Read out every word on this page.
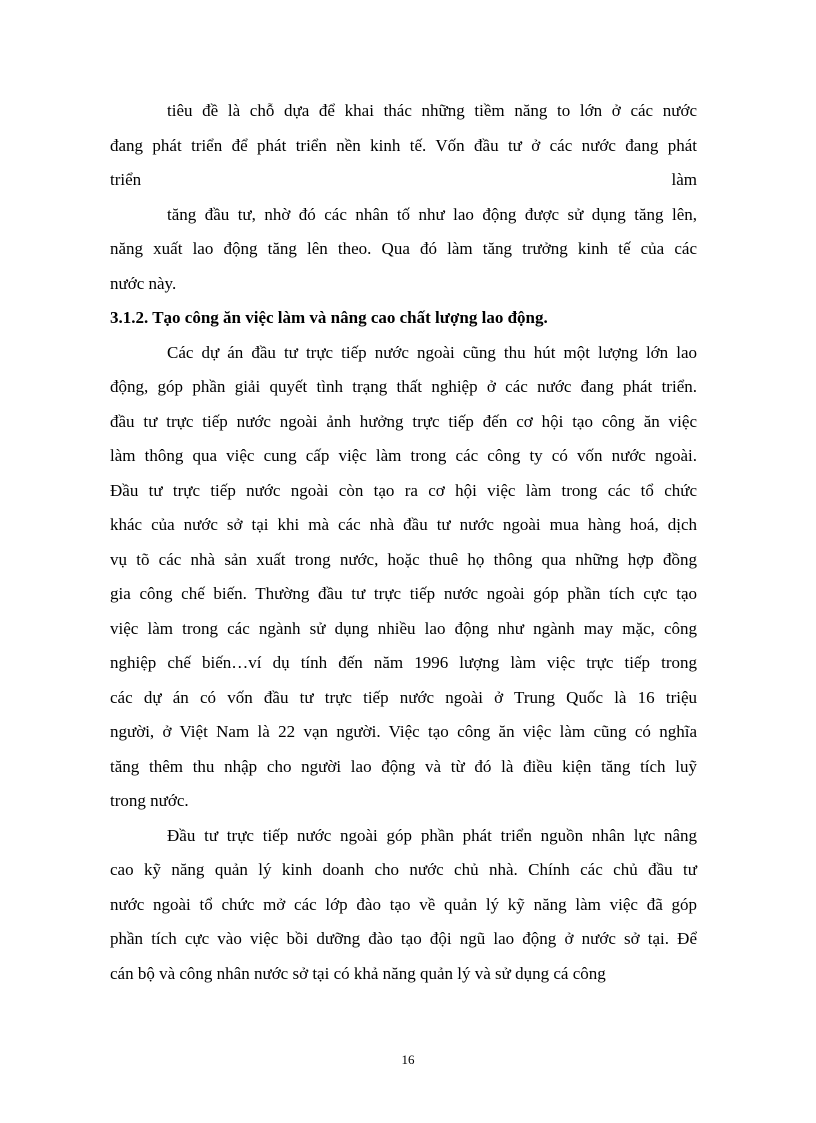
tiêu đề là chỗ dựa để khai thác những tiềm năng to lớn ở các nước
đang phát triển để phát triển nền kinh tế. Vốn đầu tư ở các nước đang phát
triển	làm
tăng đầu tư, nhờ đó các nhân tố như lao động được sử dụng tăng lên,
năng xuất lao động tăng lên theo. Qua đó làm tăng trưởng kinh tế của các
nước này.
3.1.2. Tạo công ăn việc làm và nâng cao chất lượng lao động.
Các dự án đầu tư trực tiếp nước ngoài cũng thu hút một lượng lớn lao
động, góp phần giải quyết tình trạng thất nghiệp ở các nước đang phát triển.
đầu tư trực tiếp nước ngoài ảnh hưởng trực tiếp đến cơ hội tạo công ăn việc
làm thông qua việc cung cấp việc làm trong các công ty có vốn nước ngoài.
Đầu tư trực tiếp nước ngoài còn tạo ra cơ hội việc làm trong các tổ chức
khác của nước sở tại khi mà các nhà đầu tư nước ngoài mua hàng hoá, dịch
vụ tõ các nhà sản xuất trong nước, hoặc thuê họ thông qua những hợp đồng
gia công chế biến. Thường đầu tư trực tiếp nước ngoài góp phần tích cực tạo
việc làm trong các ngành sử dụng nhiều lao động như ngành may mặc, công
nghiệp chế biến…ví dụ tính đến năm 1996 lượng làm việc trực tiếp trong
các dự án có vốn đầu tư trực tiếp nước ngoài ở Trung Quốc là 16 triệu
người, ở Việt Nam là 22 vạn người. Việc tạo công ăn việc làm cũng có nghĩa
tăng thêm thu nhập cho người lao động và từ đó là điều kiện tăng tích luỹ
trong nước.
Đầu tư trực tiếp nước ngoài góp phần phát triển nguồn nhân lực nâng
cao kỹ năng quản lý kinh doanh cho nước chủ nhà. Chính các chủ đầu tư
nước ngoài tổ chức mở các lớp đào tạo về quản lý kỹ năng làm việc đã góp
phần tích cực vào việc bồi dưỡng đào tạo đội ngũ lao động ở nước sở tại. Để
cán bộ và công nhân nước sở tại có khả năng quản lý và sử dụng cá công
16
